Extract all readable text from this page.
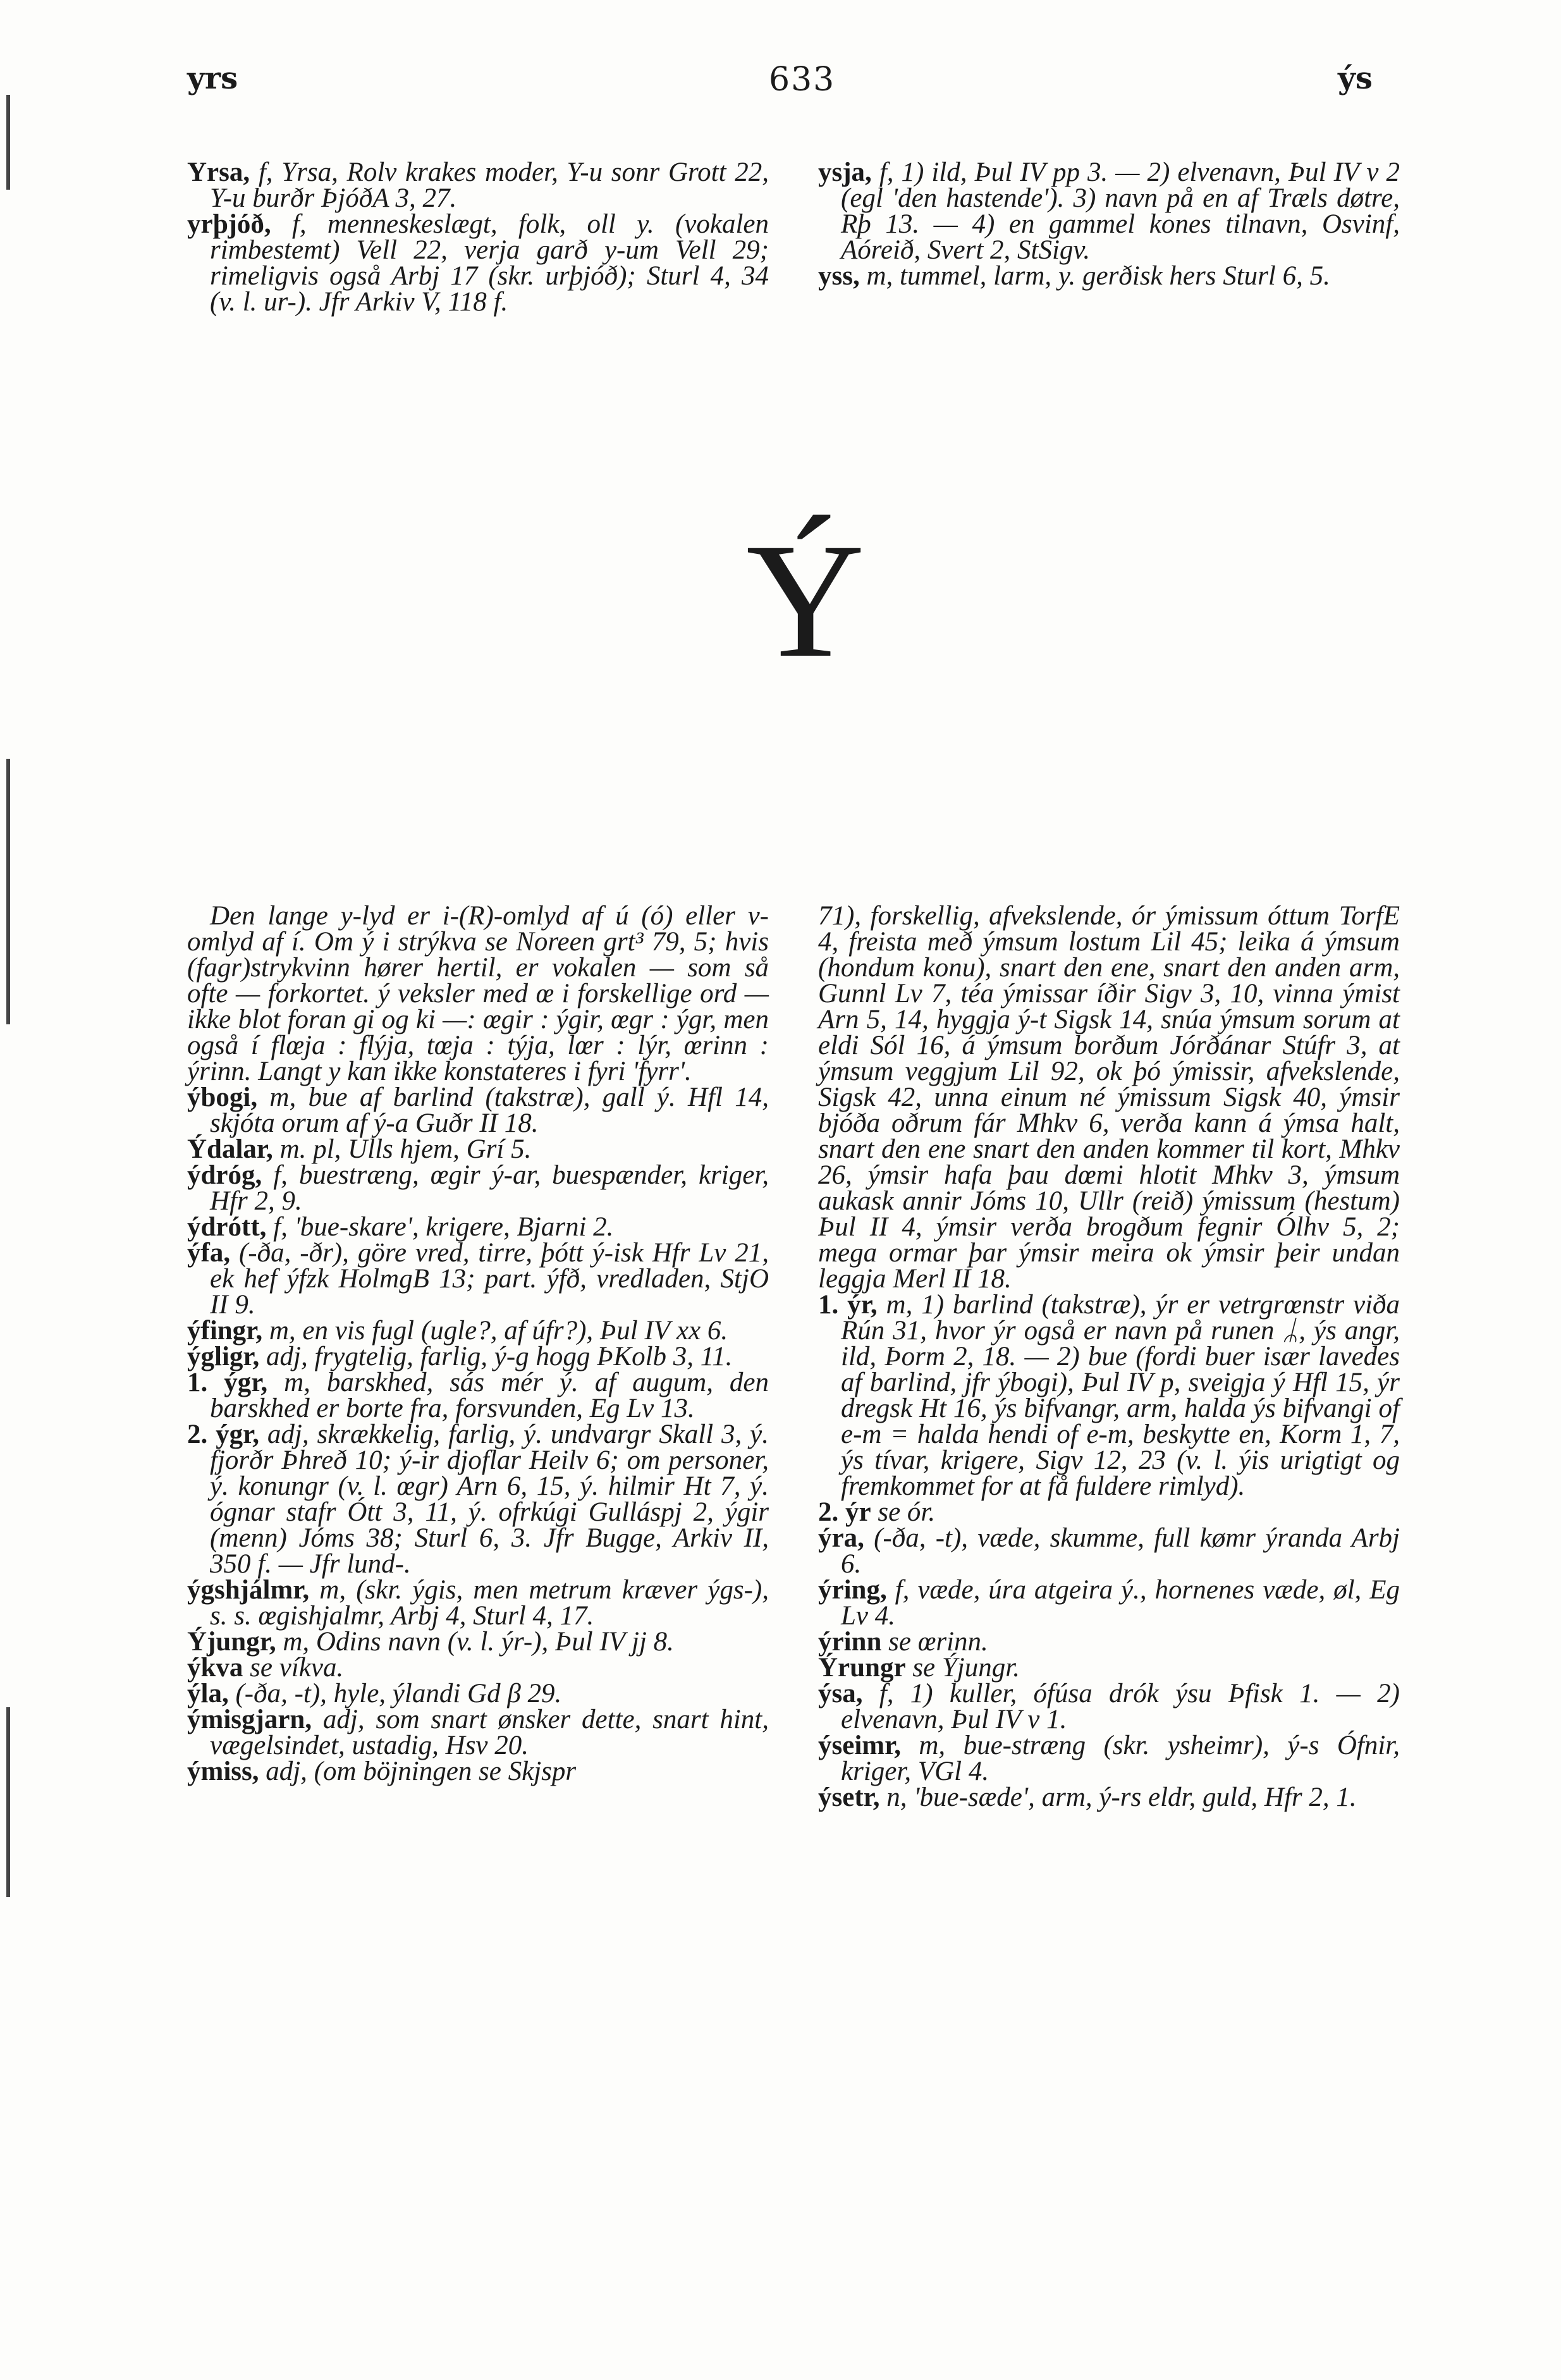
yrs	633	ýs

Yrsa, f, Yrsa, Rolv krakes moder, Y-u sonr Grott 22, Y-u burðr ÞjóðA 3, 27.

yrþjóð, f, menneskeslægt, folk, oll y. (vokalen rimbestemt) Vell 22, verja garð y-um Vell 29; rimeligvis også Arbj 17 (skr. urþjóð); Sturl 4, 34 (v. l. ur-). Jfr Arkiv V, 118 f.

ysja, f, 1) ild, Þul IV pp 3. — 2) elvenavn, Þul IV v 2 (egl 'den hastende'). 3) navn på en af Træls døtre, Rþ 13. — 4) en gammel kones tilnavn, Osvinf, Aóreið, Svert 2, StSigv.

yss, m, tummel, larm, y. gerðisk hers Sturl 6, 5.

Ý

Den lange y-lyd er i-(R)-omlyd af ú (ó) eller v-omlyd af í. Om ý i strýkva se Noreen grt³ 79, 5; hvis (fagr)strykvinn hører hertil, er vokalen — som så ofte — forkortet. ý veksler med œ i forskellige ord — ikke blot foran gi og ki —: œgir : ýgir, œgr : ýgr, men også í flœja : flýja, tœja : týja, lœr : lýr, œrinn : ýrinn. Langt y kan ikke konstateres i fyri 'fyrr'.

ýbogi, m, bue af barlind (takstræ), gall ý. Hfl 14, skjóta orum af ý-a Guðr II 18.

Ýdalar, m. pl, Ulls hjem, Grí 5.

ýdróg, f, buestræng, œgir ý-ar, buespænder, kriger, Hfr 2, 9.

ýdrótt, f, 'bue-skare', krigere, Bjarni 2.

ýfa, (-ða, -ðr), göre vred, tirre, þótt ý-isk Hfr Lv 21, ek hef ýfzk HolmgB 13; part. ýfð, vredladen, StjO II 9.

ýfingr, m, en vis fugl (ugle?, af úfr?), Þul IV xx 6.

ýgligr, adj, frygtelig, farlig, ý-g hogg ÞKolb 3, 11.

1. ýgr, m, barskhed, sás mér ý. af augum, den barskhed er borte fra, forsvunden, Eg Lv 13.

2. ýgr, adj, skrækkelig, farlig, ý. undvargr Skall 3, ý. fjorðr Þhreð 10; ý-ir djoflar Heilv 6; om personer, ý. konungr (v. l. œgr) Arn 6, 15, ý. hilmir Ht 7, ý. ógnar stafr Ótt 3, 11, ý. ofrkúgi Gulláspj 2, ýgir (menn) Jóms 38; Sturl 6, 3. Jfr Bugge, Arkiv II, 350 f. — Jfr lund-.

ýgshjálmr, m, (skr. ýgis, men metrum kræver ýgs-), s. s. œgishjalmr, Arbj 4, Sturl 4, 17.

Ýjungr, m, Odins navn (v. l. ýr-), Þul IV jj 8.

ýkva se víkva.

ýla, (-ða, -t), hyle, ýlandi Gd β 29.

ýmisgjarn, adj, som snart ønsker dette, snart hint, vægelsindet, ustadig, Hsv 20.

ýmiss, adj, (om böjningen se Skjspr

71), forskellig, afvekslende, ór ýmissum óttum TorfE 4, freista með ýmsum lostum Lil 45; leika á ýmsum (hondum konu), snart den ene, snart den anden arm, Gunnl Lv 7, téa ýmissar íðir Sigv 3, 10, vinna ýmist Arn 5, 14, hyggja ý-t Sigsk 14, snúa ýmsum sorum at eldi Sól 16, á ýmsum borðum Jórðánar Stúfr 3, at ýmsum veggjum Lil 92, ok þó ýmissir, afvekslende, Sigsk 42, unna einum né ýmissum Sigsk 40, ýmsir bjóða oðrum fár Mhkv 6, verða kann á ýmsa halt, snart den ene snart den anden kommer til kort, Mhkv 26, ýmsir hafa þau dœmi hlotit Mhkv 3, ýmsum aukask annir Jóms 10, Ullr (reið) ýmissum (hestum) Þul II 4, ýmsir verða brogðum fegnir Ólhv 5, 2; mega ormar þar ýmsir meira ok ýmsir þeir undan leggja Merl II 18.

1. ýr, m, 1) barlind (takstræ), ýr er vetrgrœnstr viða Rún 31, hvor ýr også er navn på runen ᛦ, ýs angr, ild, Þorm 2, 18. — 2) bue (fordi buer især lavedes af barlind, jfr ýbogi), Þul IV p, sveigja ý Hfl 15, ýr dregsk Ht 16, ýs bifvangr, arm, halda ýs bifvangi of e-m = halda hendi of e-m, beskytte en, Korm 1, 7, ýs tívar, krigere, Sigv 12, 23 (v. l. ýis urigtigt og fremkommet for at få fuldere rimlyd).

2. ýr se ór.

ýra, (-ða, -t), væde, skumme, full kømr ýranda Arbj 6.

ýring, f, væde, úra atgeira ý., hornenes væde, øl, Eg Lv 4.

ýrinn se œrinn.

Ýrungr se Ýjungr.

ýsa, f, 1) kuller, ófúsa drók ýsu Þfisk 1. — 2) elvenavn, Þul IV v 1.

ýseimr, m, bue-stræng (skr. ysheimr), ý-s Ófnir, kriger, VGl 4.

ýsetr, n, 'bue-sæde', arm, ý-rs eldr, guld, Hfr 2, 1.
